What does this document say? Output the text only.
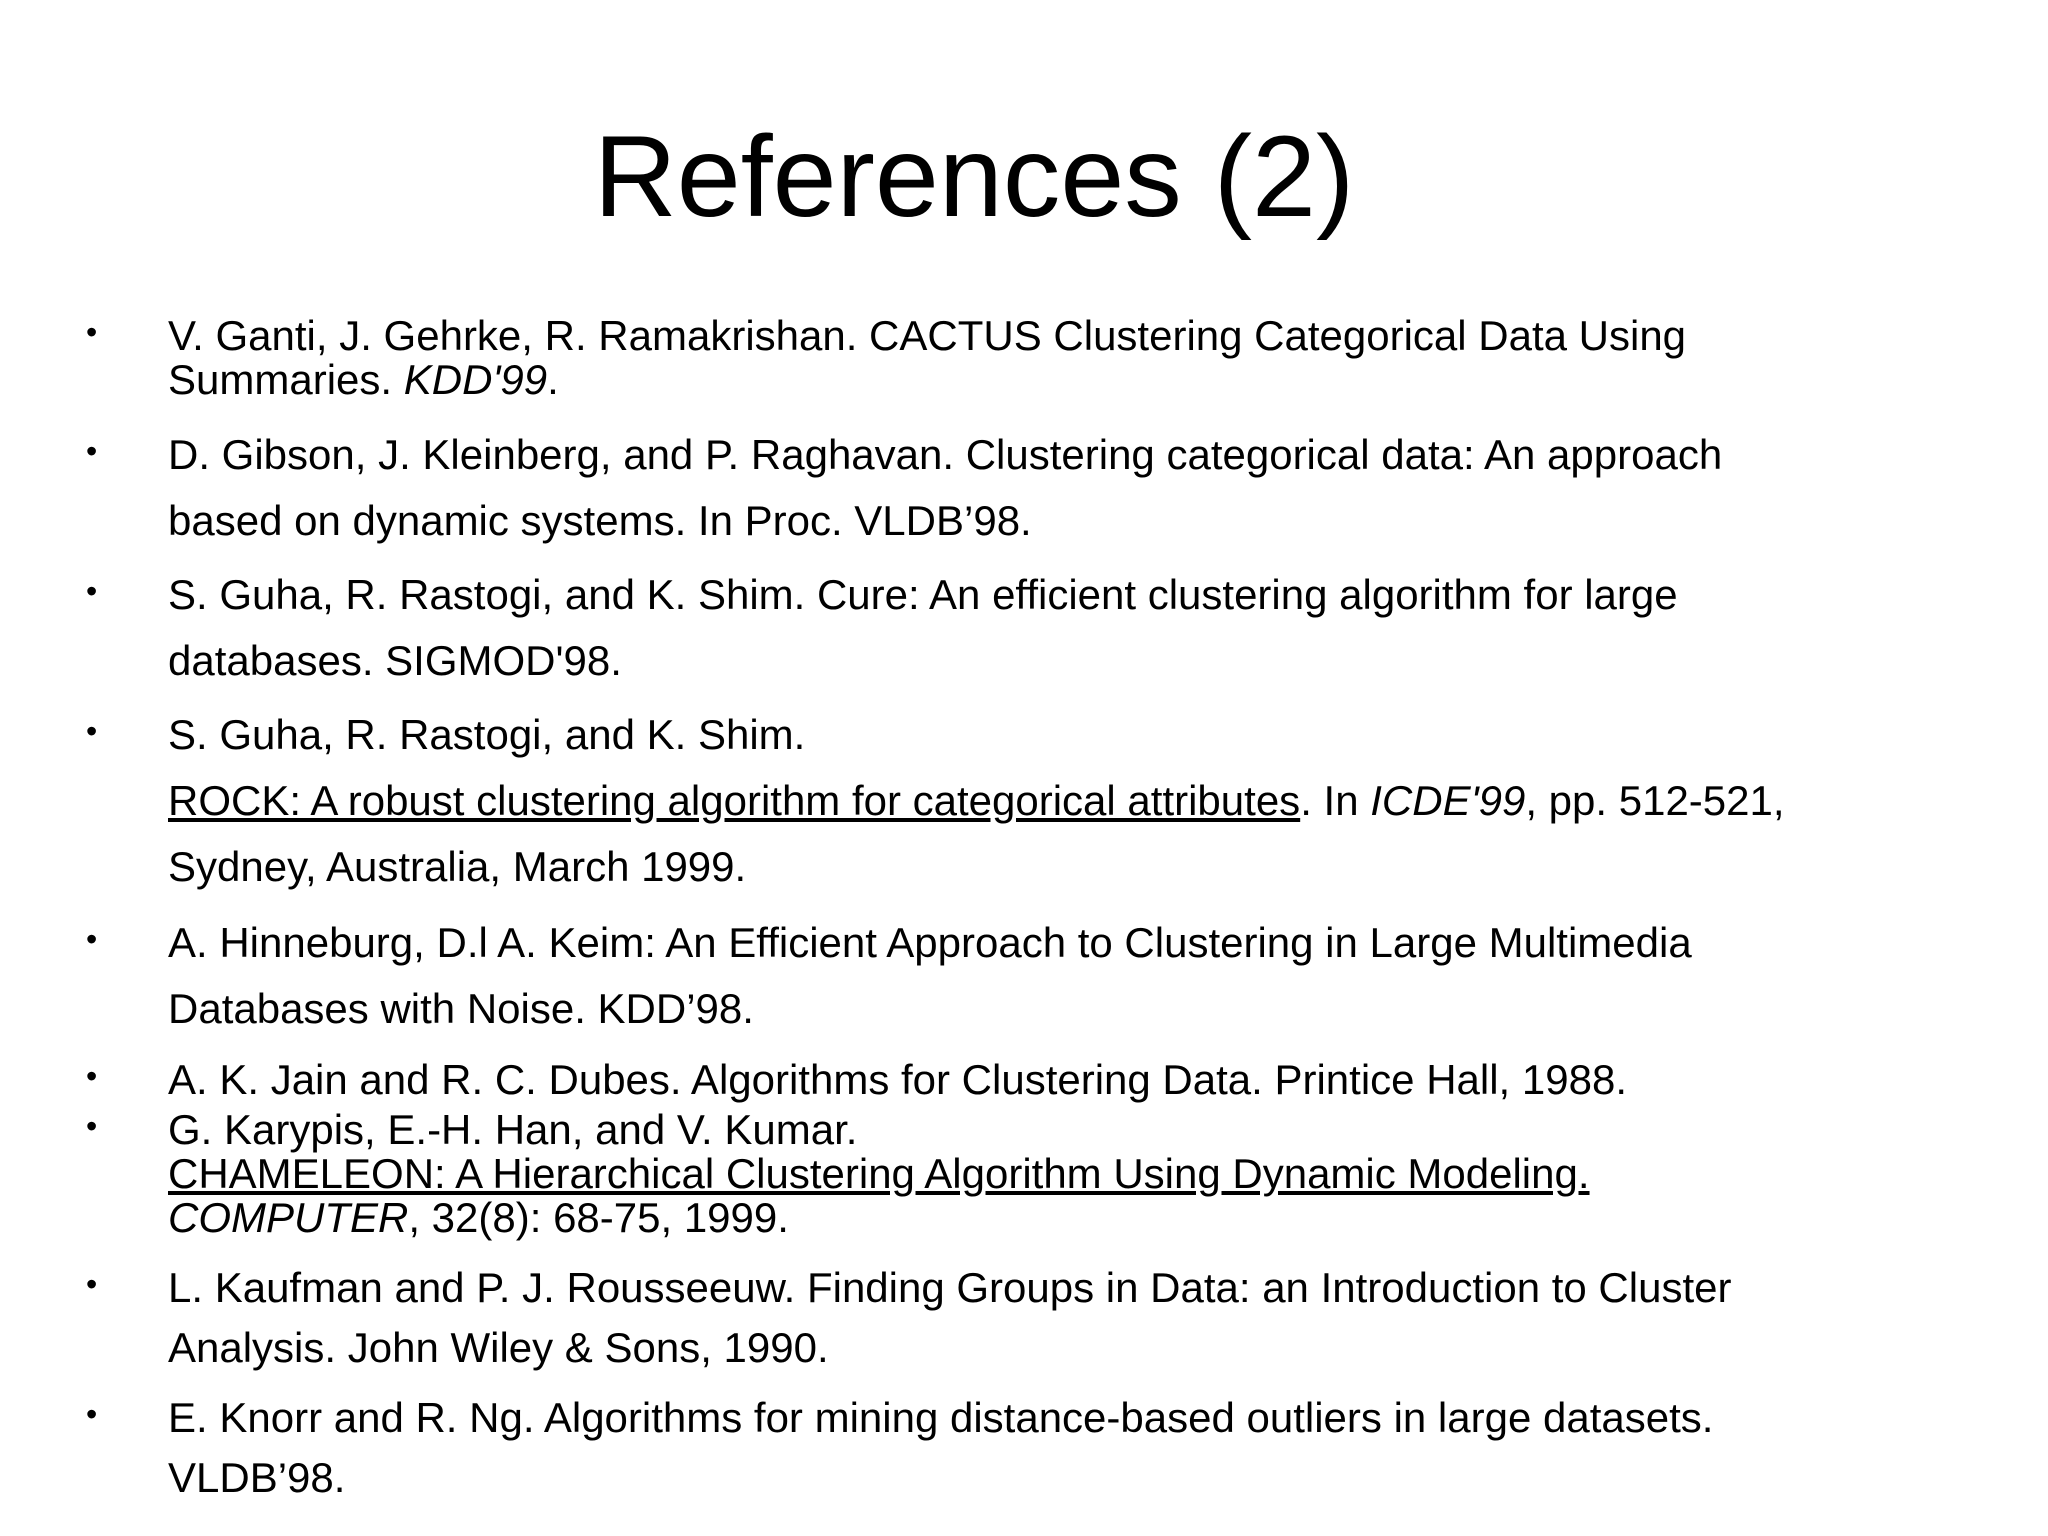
References (2)
• V. Ganti, J. Gehrke, R. Ramakrishan. CACTUS Clustering Categorical Data Using
Summaries. KDD'99.
• D. Gibson, J. Kleinberg, and P. Raghavan. Clustering categorical data: An approach
based on dynamic systems. In Proc. VLDB’98.
• S. Guha, R. Rastogi, and K. Shim. Cure: An efficient clustering algorithm for large
databases. SIGMOD'98.
• S. Guha, R. Rastogi, and K. Shim.
ROCK: A robust clustering algorithm for categorical attributes. In ICDE'99, pp. 512-521,
Sydney, Australia, March 1999.
• A. Hinneburg, D.l A. Keim: An Efficient Approach to Clustering in Large Multimedia
Databases with Noise. KDD’98.
• A. K. Jain and R. C. Dubes. Algorithms for Clustering Data. Printice Hall, 1988.
• G. Karypis, E.-H. Han, and V. Kumar.
CHAMELEON: A Hierarchical Clustering Algorithm Using Dynamic Modeling.
COMPUTER, 32(8): 68-75, 1999.
• L. Kaufman and P. J. Rousseeuw. Finding Groups in Data: an Introduction to Cluster
Analysis. John Wiley & Sons, 1990.
• E. Knorr and R. Ng. Algorithms for mining distance-based outliers in large datasets.
VLDB’98.
